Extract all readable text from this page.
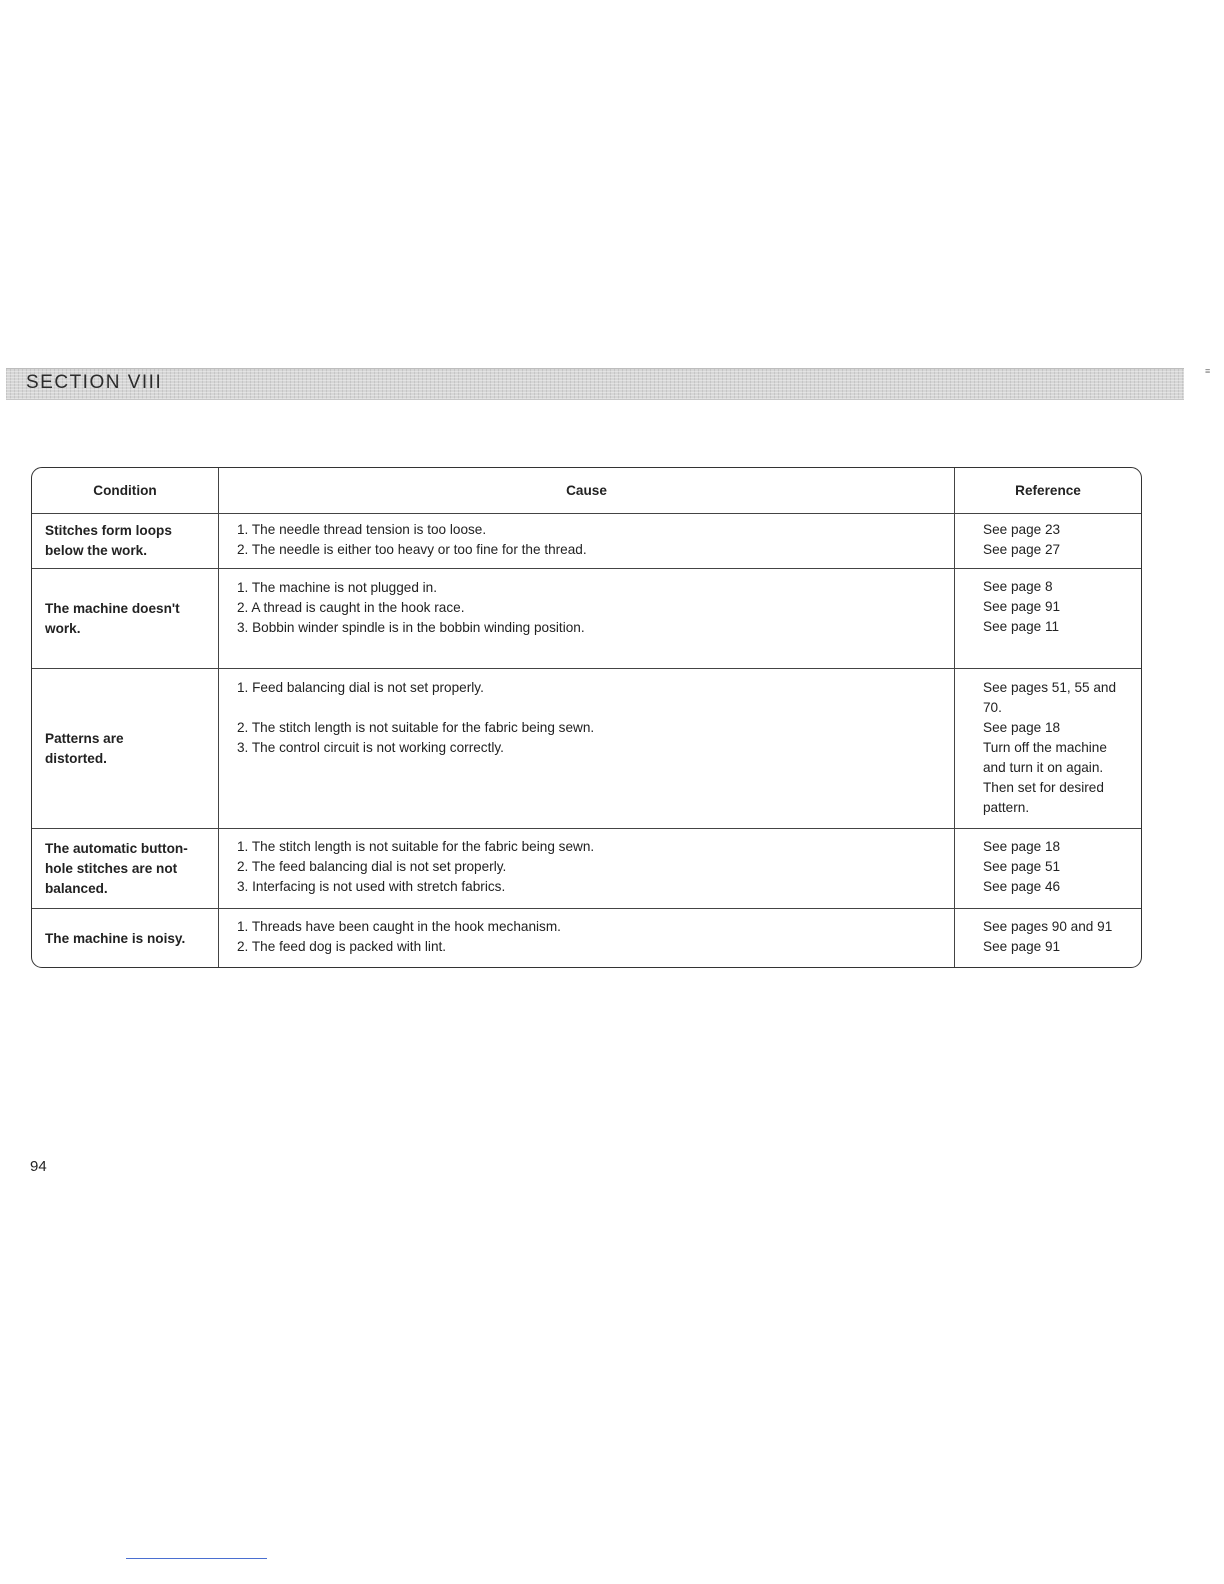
SECTION VIII
≡
Condition	Cause	Reference
Stitches form loops
below the work.
1. The needle thread tension is too loose.
2. The needle is either too heavy or too fine for the thread.
See page 23
See page 27
The machine doesn't
work.
1. The machine is not plugged in.
2. A thread is caught in the hook race.
3. Bobbin winder spindle is in the bobbin winding position.
See page 8
See page 91
See page 11
Patterns are
distorted.
1. Feed balancing dial is not set properly.
2. The stitch length is not suitable for the fabric being sewn.
3. The control circuit is not working correctly.
See pages 51, 55 and
70.
See page 18
Turn off the machine
and turn it on again.
Then set for desired
pattern.
The automatic button-
hole stitches are not
balanced.
1. The stitch length is not suitable for the fabric being sewn.
2. The feed balancing dial is not set properly.
3. Interfacing is not used with stretch fabrics.
See page 18
See page 51
See page 46
The machine is noisy.
1. Threads have been caught in the hook mechanism.
2. The feed dog is packed with lint.
See pages 90 and 91
See page 91
94
